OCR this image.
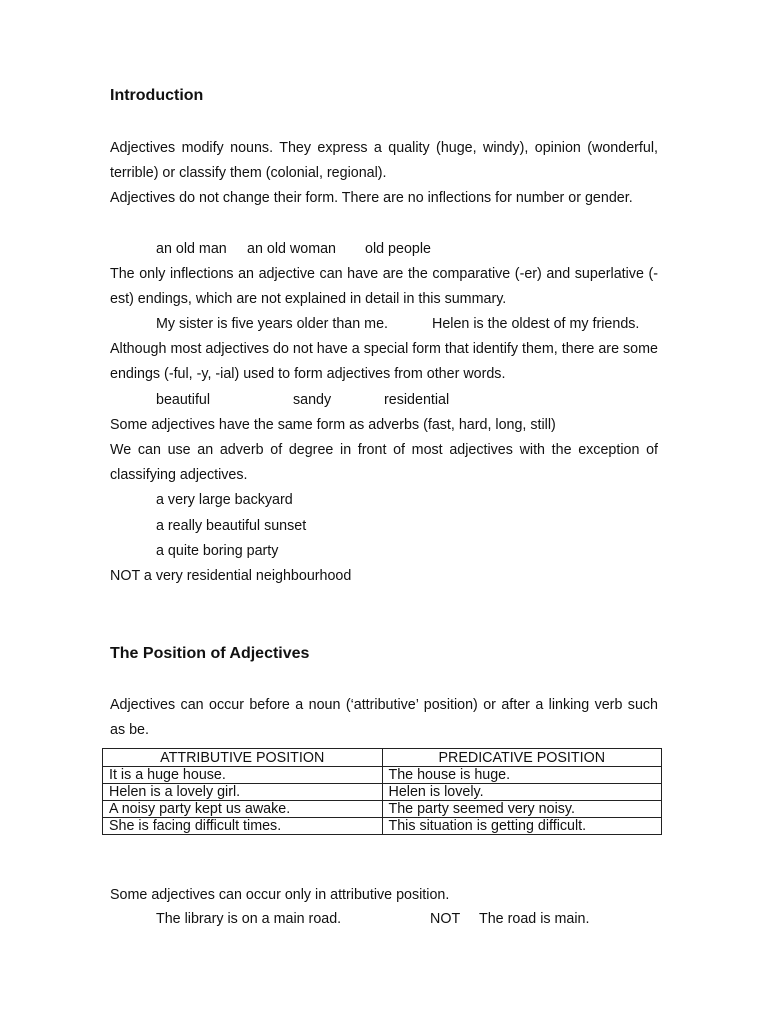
Introduction

Adjectives modify nouns. They express a quality (huge, windy), opinion (wonderful, terrible) or classify them (colonial, regional).

Adjectives do not change their form. There are no inflections for number or gender.

an old man an old woman old people

The only inflections an adjective can have are the comparative (-er) and superlative (-est) endings, which are not explained in detail in this summary.

My sister is five years older than me.	Helen is the oldest of my friends.

Although most adjectives do not have a special form that identify them, there are some endings (-ful, -y, -ial) used to form adjectives from other words.

beautiful	sandy	residential

Some adjectives have the same form as adverbs (fast, hard, long, still)

We can use an adverb of degree in front of most adjectives with the exception of classifying adjectives.

a very large backyard
a really beautiful sunset
a quite boring party

NOT a very residential neighbourhood

The Position of Adjectives

Adjectives can occur before a noun (‘attributive’ position) or after a linking verb such as be.

ATTRIBUTIVE POSITION	PREDICATIVE POSITION
It is a huge house.	The house is huge.
Helen is a lovely girl.	Helen is lovely.
A noisy party kept us awake.	The party seemed very noisy.
She is facing difficult times.	This situation is getting difficult.

Some adjectives can occur only in attributive position.

The library is on a main road.	NOT The road is main.
